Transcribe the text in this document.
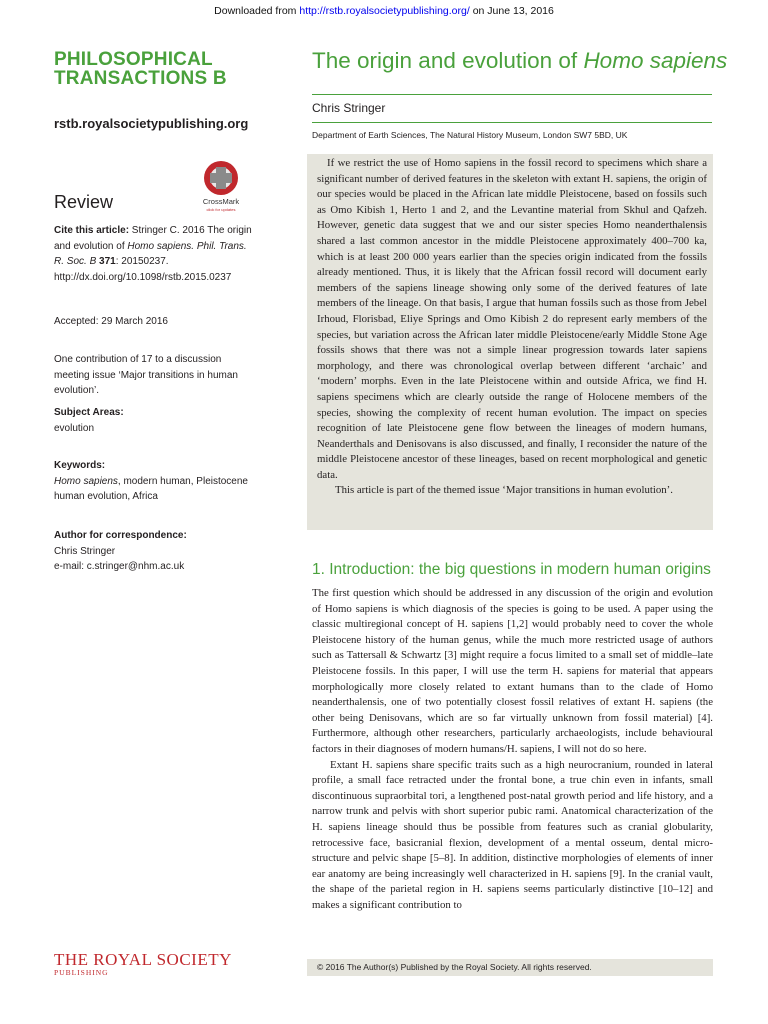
Downloaded from http://rstb.royalsocietypublishing.org/ on June 13, 2016
PHILOSOPHICAL
TRANSACTIONS B
rstb.royalsocietypublishing.org
Review	CrossMark
click for updates
Cite this article: Stringer C. 2016 The origin and evolution of Homo sapiens. Phil. Trans. R. Soc. B 371: 20150237.
http://dx.doi.org/10.1098/rstb.2015.0237
Accepted: 29 March 2016
One contribution of 17 to a discussion meeting issue ‘Major transitions in human evolution’.
Subject Areas:
evolution
Keywords:
Homo sapiens, modern human, Pleistocene human evolution, Africa
Author for correspondence:
Chris Stringer
e-mail: c.stringer@nhm.ac.uk
The origin and evolution of Homo sapiens
Chris Stringer
Department of Earth Sciences, The Natural History Museum, London SW7 5BD, UK

If we restrict the use of Homo sapiens in the fossil record to specimens which share a significant number of derived features in the skeleton with extant H. sapiens, the origin of our species would be placed in the African late middle Pleistocene, based on fossils such as Omo Kibish 1, Herto 1 and 2, and the Levantine material from Skhul and Qafzeh. However, genetic data suggest that we and our sister species Homo neanderthalensis shared a last common ancestor in the middle Pleistocene approximately 400–700 ka, which is at least 200 000 years earlier than the species origin indicated from the fossils already mentioned. Thus, it is likely that the African fossil record will document early members of the sapiens lineage showing only some of the derived features of late members of the lineage. On that basis, I argue that human fossils such as those from Jebel Irhoud, Florisbad, Eliye Springs and Omo Kibish 2 do represent early members of the species, but variation across the African later middle Pleistocene/early Middle Stone Age fossils shows that there was not a simple linear progression towards later sapiens morphology, and there was chronological overlap between different ‘archaic’ and ‘modern’ morphs. Even in the late Pleistocene within and outside Africa, we find H. sapiens specimens which are clearly outside the range of Holocene members of the species, showing the complexity of recent human evolution. The impact on species recognition of late Pleistocene gene flow between the lineages of modern humans, Neanderthals and Denisovans is also discussed, and finally, I reconsider the nature of the middle Pleistocene ancestor of these lineages, based on recent morphological and genetic data.

This article is part of the themed issue ‘Major transitions in human evolution’.

1. Introduction: the big questions in modern human origins

The first question which should be addressed in any discussion of the origin and evolution of Homo sapiens is which diagnosis of the species is going to be used. A paper using the classic multiregional concept of H. sapiens [1,2] would probably need to cover the whole Pleistocene history of the human genus, while the much more restricted usage of authors such as Tattersall & Schwartz [3] might require a focus limited to a small set of middle–late Pleistocene fossils. In this paper, I will use the term H. sapiens for material that appears morphologically more closely related to extant humans than to the clade of Homo neanderthalensis, one of two potentially closest fossil relatives of extant H. sapiens (the other being Denisovans, which are so far virtually unknown from fossil material) [4]. Furthermore, although other researchers, particularly archaeologists, include behavioural factors in their diagnoses of modern humans/H. sapiens, I will not do so here.

Extant H. sapiens share specific traits such as a high neurocranium, rounded in lateral profile, a small face retracted under the frontal bone, a true chin even in infants, small discontinuous supraorbital tori, a lengthened post-natal growth period and life history, and a narrow trunk and pelvis with short superior pubic rami. Anatomical characterization of the H. sapiens lineage should thus be possible from features such as cranial globularity, retrocessive face, basicranial flexion, development of a mental osseum, dental micro-structure and pelvic shape [5–8]. In addition, distinctive morphologies of elements of inner ear anatomy are being increasingly well characterized in H. sapiens [9]. In the cranial vault, the shape of the parietal region in H. sapiens seems particularly distinctive [10–12] and makes a significant contribution to

THE ROYAL SOCIETY
PUBLISHING
© 2016 The Author(s) Published by the Royal Society. All rights reserved.
